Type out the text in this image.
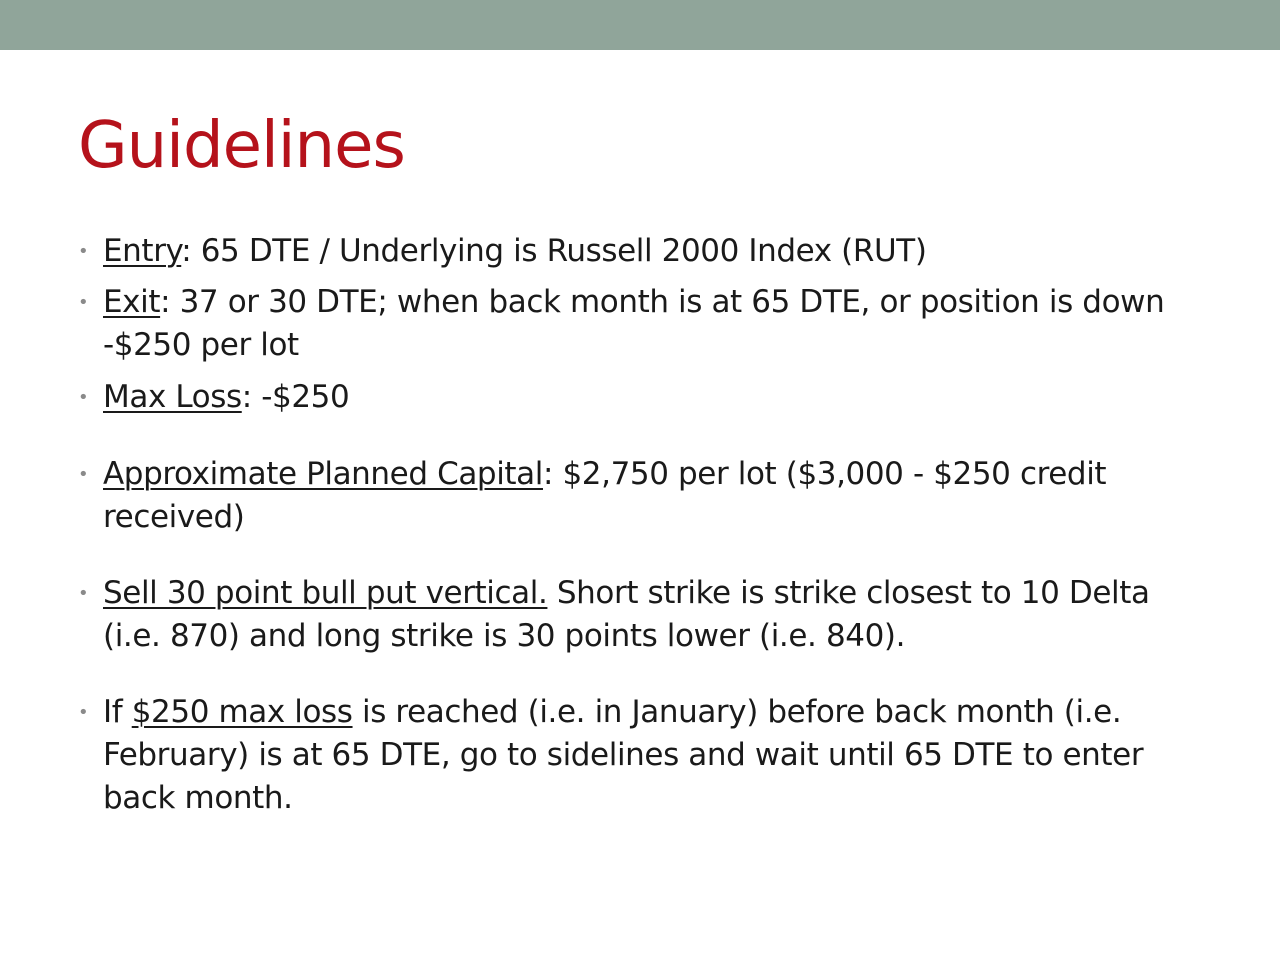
Guidelines
• Entry: 65 DTE / Underlying is Russell 2000 Index (RUT)
• Exit: 37 or 30 DTE; when back month is at 65 DTE, or position is down -$250 per lot
• Max Loss: -$250
• Approximate Planned Capital: $2,750 per lot ($3,000 - $250 credit received)
• Sell 30 point bull put vertical. Short strike is strike closest to 10 Delta (i.e. 870) and long strike is 30 points lower (i.e. 840).
• If $250 max loss is reached (i.e. in January) before back month (i.e. February) is at 65 DTE, go to sidelines and wait until 65 DTE to enter back month.
